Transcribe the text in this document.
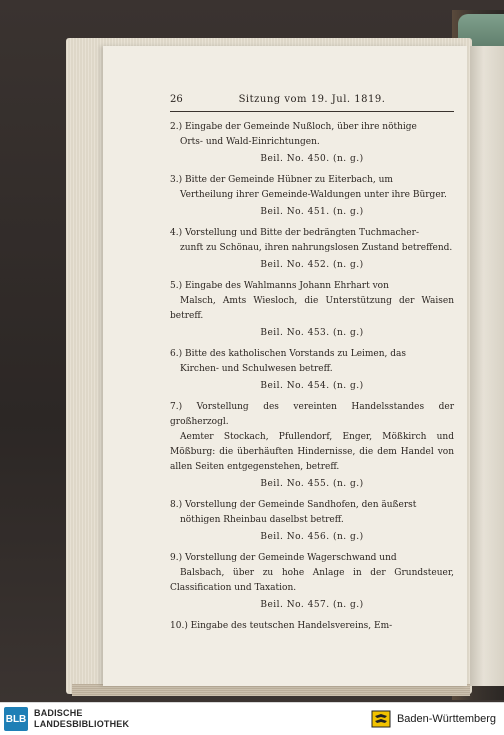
26	Sitzung vom 19. Jul. 1819.
2.) Eingabe der Gemeinde Nußloch, über ihre nöthige
Orts- und Wald-Einrichtungen.
Beil. No. 450. (n. g.)
3.) Bitte der Gemeinde Hübner zu Eiterbach, um
Vertheilung ihrer Gemeinde-Waldungen unter ihre Bürger.
Beil. No. 451. (n. g.)
4.) Vorstellung und Bitte der bedrängten Tuchmacher-
zunft zu Schönau, ihren nahrungslosen Zustand betreffend.
Beil. No. 452. (n. g.)
5.) Eingabe des Wahlmanns Johann Ehrhart von
Malsch, Amts Wiesloch, die Unterstützung der Waisen betreff.
Beil. No. 453. (n. g.)
6.) Bitte des katholischen Vorstands zu Leimen, das
Kirchen- und Schulwesen betreff.
Beil. No. 454. (n. g.)
7.) Vorstellung des vereinten Handelsstandes der großherzogl.
Aemter Stockach, Pfullendorf, Enger, Mößkirch und Mößburg: die überhäuften Hindernisse, die dem Handel von allen Seiten entgegenstehen, betreff.
Beil. No. 455. (n. g.)
8.) Vorstellung der Gemeinde Sandhofen, den äußerst
nöthigen Rheinbau daselbst betreff.
Beil. No. 456. (n. g.)
9.) Vorstellung der Gemeinde Wagerschwand und
Balsbach, über zu hohe Anlage in der Grundsteuer, Classification und Taxation.
Beil. No. 457. (n. g.)
10.) Eingabe des teutschen Handelsvereins, Em-
BLB
BADISCHE
LANDESBIBLIOTHEK	Baden-Württemberg
